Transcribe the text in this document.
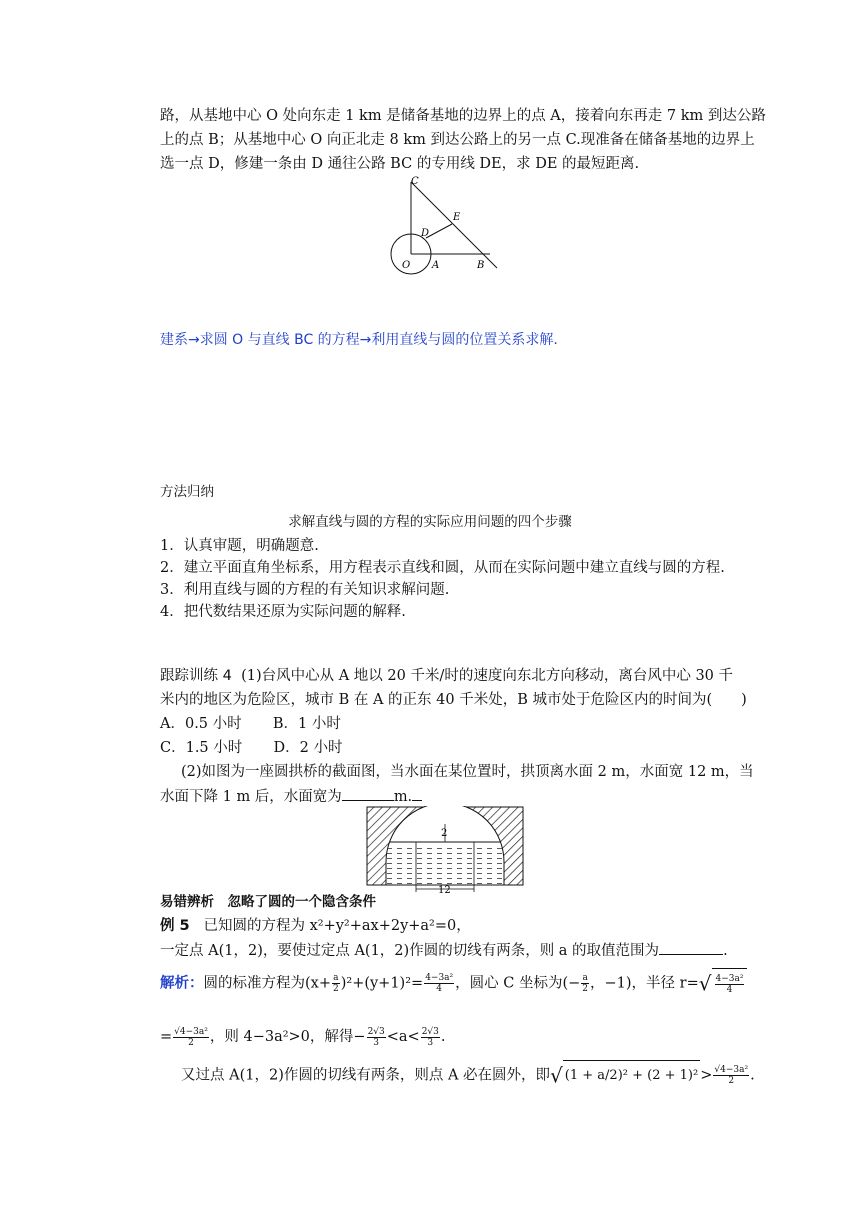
路，从基地中心 O 处向东走 1 km 是储备基地的边界上的点 A，接着向东再走 7 km 到达公路
上的点 B；从基地中心 O 向正北走 8 km 到达公路上的另一点 C.现准备在储备基地的边界上
选一点 D，修建一条由 D 通往公路 BC 的专用线 DE，求 DE 的最短距离.
C
E
D
O A	B
建系→求圆 O 与直线 BC 的方程→利用直线与圆的位置关系求解.
方法归纳
求解直线与圆的方程的实际应用问题的四个步骤
1．认真审题，明确题意.
2．建立平面直角坐标系，用方程表示直线和圆，从而在实际问题中建立直线与圆的方程.
3．利用直线与圆的方程的有关知识求解问题.
4．把代数结果还原为实际问题的解释.
跟踪训练 4 (1)台风中心从 A 地以 20 千米/时的速度向东北方向移动，离台风中心 30 千
米内的地区为危险区，城市 B 在 A 的正东 40 千米处，B 城市处于危险区内的时间为(　　)
A．0.5 小时 B．1 小时
C．1.5 小时 D．2 小时
(2)如图为一座圆拱桥的截面图，当水面在某位置时，拱顶离水面 2 m，水面宽 12 m，当
水面下降 1 m 后，水面宽为	m.
2
12
易错辨析　忽略了圆的一个隐含条件
例 5 已知圆的方程为 x²+y²+ax+2y+a²=0，
一定点 A(1，2)，要使过定点 A(1，2)作圆的切线有两条，则 a 的取值范围为	.
解析：圆的标准方程为$(x+ \frac{a}{2} )^2+(y+1)^2= \frac{\text{4−3a²}}{4}$ ，圆心 C 坐标为(− $\frac{a}{2}$ ，−1)，半径 $r=√ \frac{\text{4−3a²}}{4}$
= $\frac{\text{√4−3a²}}{2}$ ，则 4−3a²>0，解得− $\frac{2√3}{3} <a< \frac{2√3}{3}$ .
又过点 A(1，2)作圆的切线有两条，则点 A 必在圆外，即√ $(1 + a/2)^2 + (2 + 1)^2 > \frac{\text{√4−3a²}}{2}$ .
